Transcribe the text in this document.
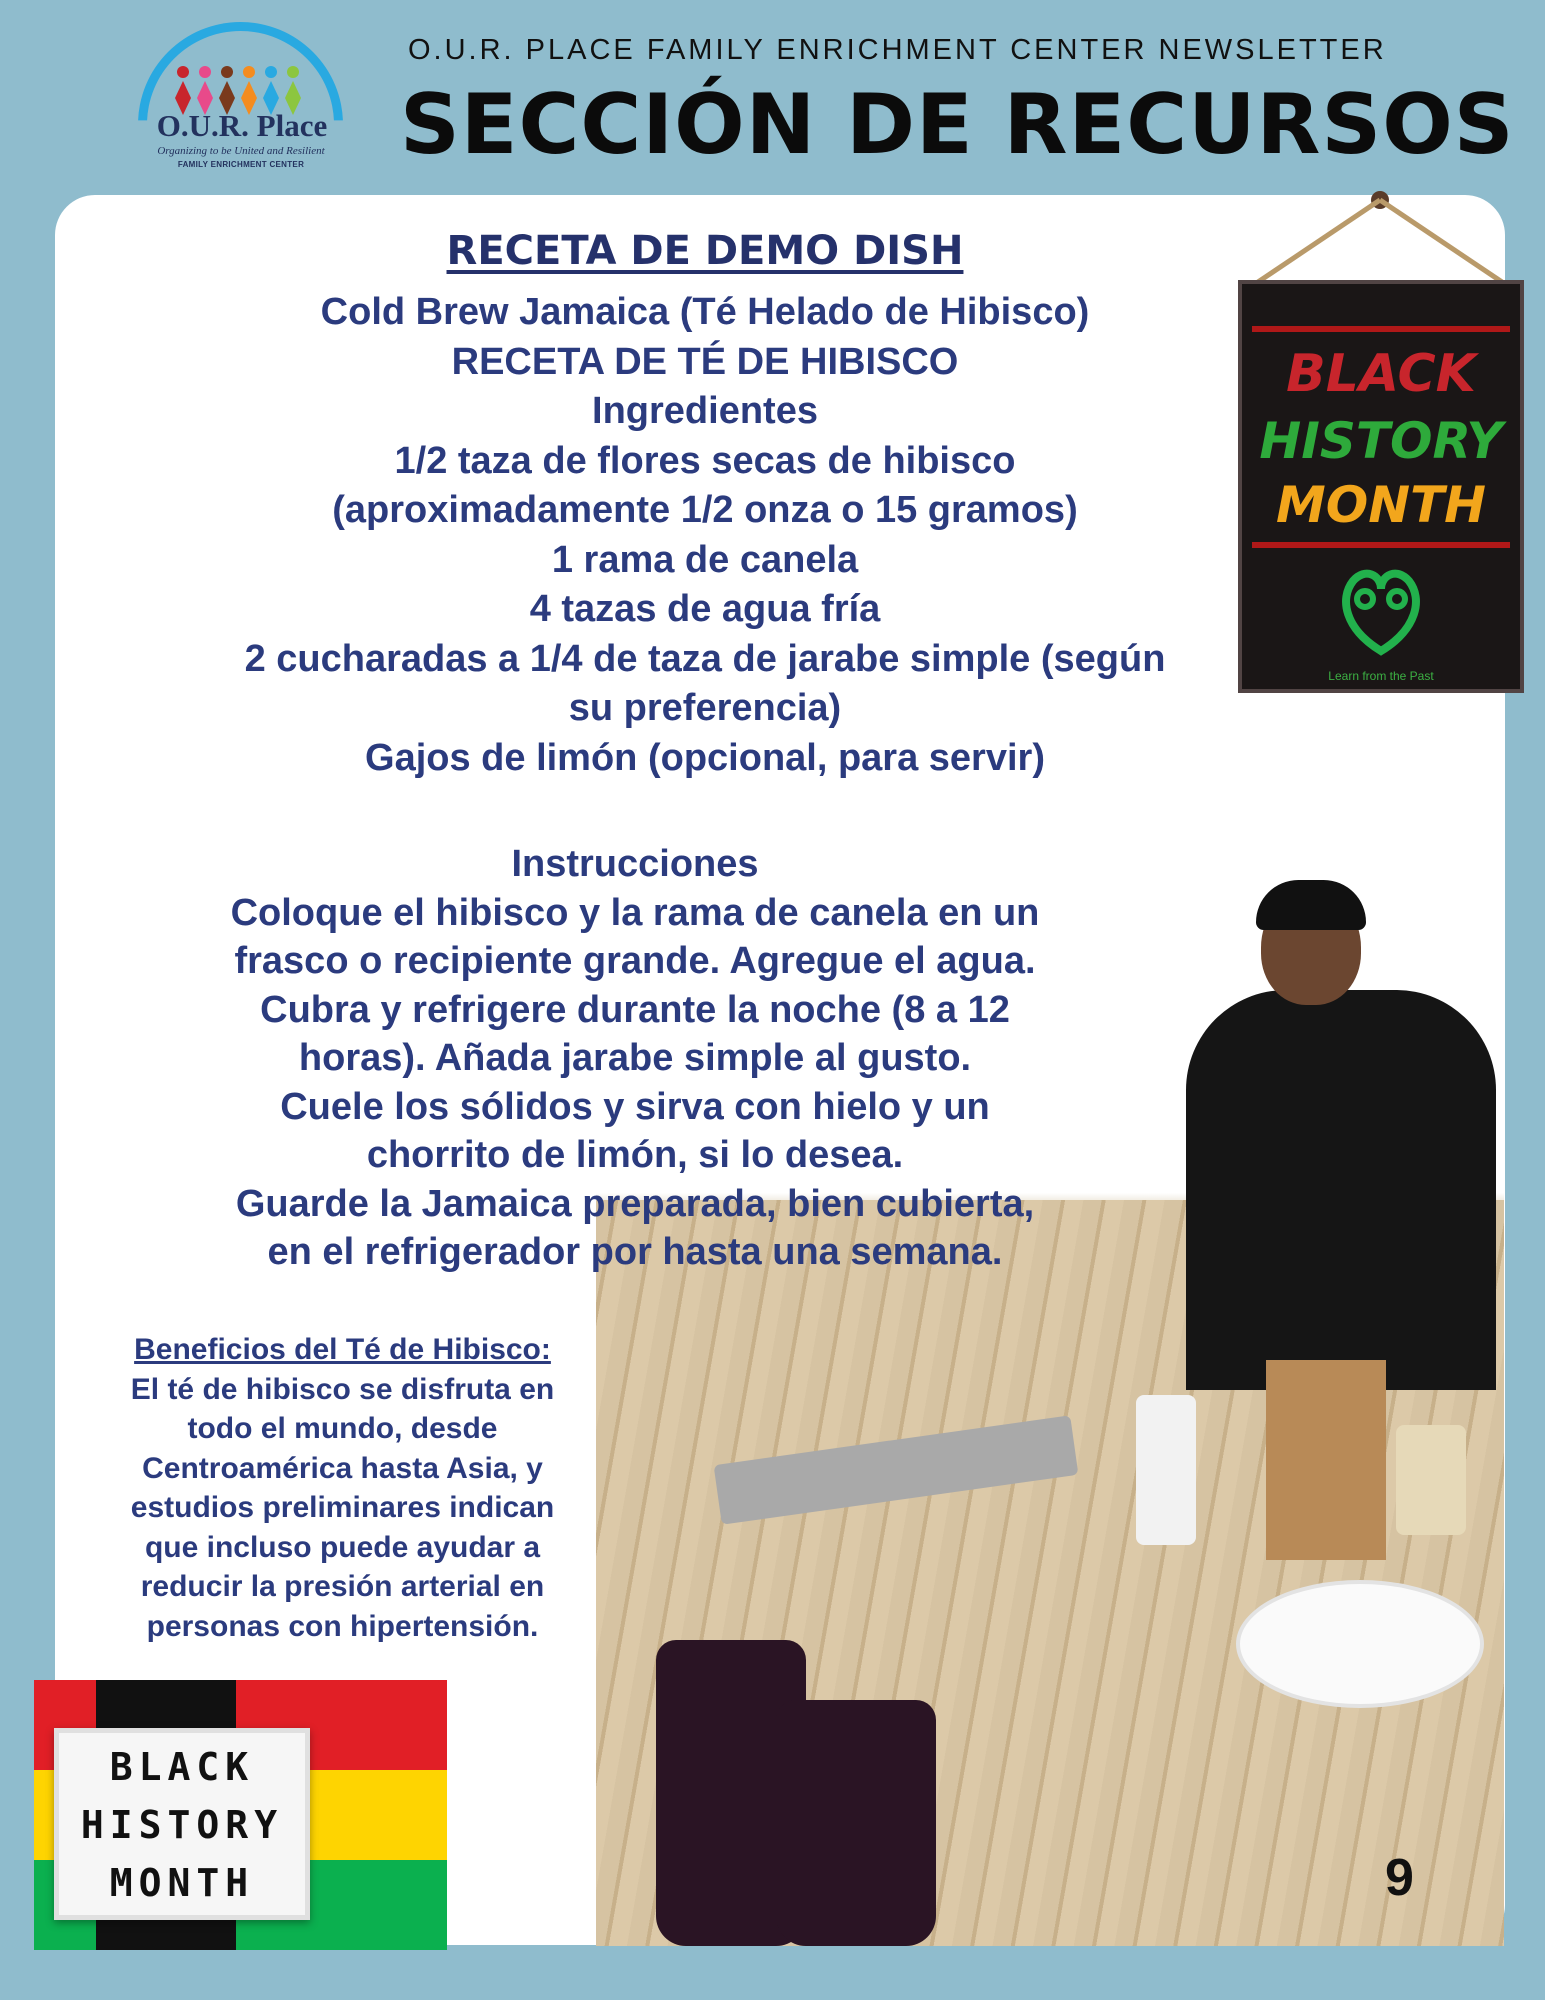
O.U.R. Place
Organizing to be United and Resilient
FAMILY ENRICHMENT CENTER
O.U.R. PLACE FAMILY ENRICHMENT CENTER NEWSLETTER
SECCIÓN DE RECURSOS
BLACK
HISTORY
MONTH
Learn from the Past
RECETA DE DEMO DISH
Cold Brew Jamaica (Té Helado de Hibisco)
RECETA DE TÉ DE HIBISCO
Ingredientes
1/2 taza de flores secas de hibisco
(aproximadamente 1/2 onza o 15 gramos)
1 rama de canela
4 tazas de agua fría
2 cucharadas a 1/4 de taza de jarabe simple (según
su preferencia)
Gajos de limón (opcional, para servir)
Instrucciones
Coloque el hibisco y la rama de canela en un
frasco o recipiente grande. Agregue el agua.
Cubra y refrigere durante la noche (8 a 12
horas). Añada jarabe simple al gusto.
Cuele los sólidos y sirva con hielo y un
chorrito de limón, si lo desea.
Guarde la Jamaica preparada, bien cubierta,
en el refrigerador por hasta una semana.
Beneficios del Té de Hibisco:
El té de hibisco se disfruta en
todo el mundo, desde
Centroamérica hasta Asia, y
estudios preliminares indican
que incluso puede ayudar a
reducir la presión arterial en
personas con hipertensión.
BLACK
HISTORY
MONTH	9
